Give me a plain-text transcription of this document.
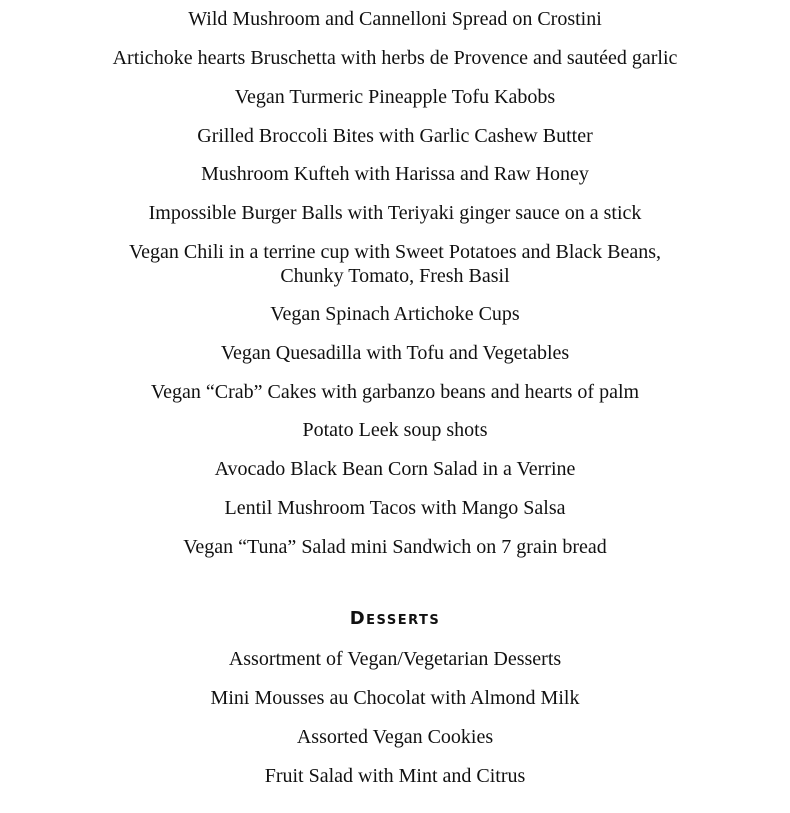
Wild Mushroom and Cannelloni Spread on Crostini
Artichoke hearts Bruschetta with herbs de Provence and sautéed garlic
Vegan Turmeric Pineapple Tofu Kabobs
Grilled Broccoli Bites with Garlic Cashew Butter
Mushroom Kufteh with Harissa and Raw Honey
Impossible Burger Balls with Teriyaki ginger sauce on a stick
Vegan Chili in a terrine cup with Sweet Potatoes and Black Beans,
Chunky Tomato, Fresh Basil
Vegan Spinach Artichoke Cups
Vegan Quesadilla with Tofu and Vegetables
Vegan “Crab” Cakes with garbanzo beans and hearts of palm
Potato Leek soup shots
Avocado Black Bean Corn Salad in a Verrine
Lentil Mushroom Tacos with Mango Salsa
Vegan “Tuna” Salad mini Sandwich on 7 grain bread
Desserts
Assortment of Vegan/Vegetarian Desserts
Mini Mousses au Chocolat with Almond Milk
Assorted Vegan Cookies
Fruit Salad with Mint and Citrus
